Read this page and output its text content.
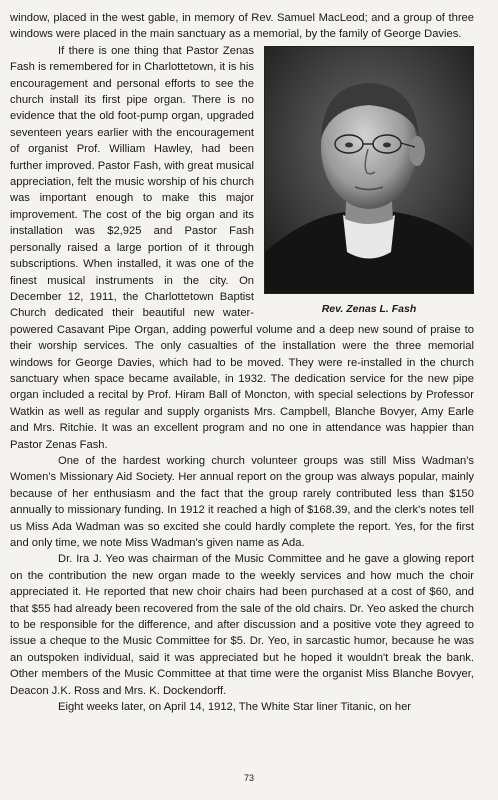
window, placed in the west gable, in memory of Rev. Samuel MacLeod; and a group of three windows were placed in the main sanctuary as a memorial, by the family of George Davies.

Rev. Zenas L. Fash

If there is one thing that Pastor Zenas Fash is remembered for in Charlottetown, it is his encouragement and personal efforts to see the church install its first pipe organ. There is no evidence that the old foot-pump organ, upgraded seventeen years earlier with the encouragement of organist Prof. William Hawley, had been further improved. Pastor Fash, with great musical appreciation, felt the music worship of his church was important enough to make this major improvement. The cost of the big organ and its installation was $2,925 and Pastor Fash personally raised a large portion of it through subscriptions. When installed, it was one of the finest musical instruments in the city. On December 12, 1911, the Charlottetown Baptist Church dedicated their beautiful new water-powered Casavant Pipe Organ, adding powerful volume and a deep new sound of praise to their worship services. The only casualties of the installation were the three memorial windows for George Davies, which had to be moved. They were re-installed in the church sanctuary when space became available, in 1932. The dedication service for the new pipe organ included a recital by Prof. Hiram Ball of Moncton, with special selections by Professor Watkin as well as regular and supply organists Mrs. Campbell, Blanche Bovyer, Amy Earle and Mrs. Ritchie. It was an excellent program and no one in attendance was happier than Pastor Zenas Fash.

One of the hardest working church volunteer groups was still Miss Wadman's Women's Missionary Aid Society. Her annual report on the group was always popular, mainly because of her enthusiasm and the fact that the group rarely contributed less than $150 annually to missionary funding. In 1912 it reached a high of $168.39, and the clerk's notes tell us Miss Ada Wadman was so excited she could hardly complete the report. Yes, for the first and only time, we note Miss Wadman's given name as Ada.

Dr. Ira J. Yeo was chairman of the Music Committee and he gave a glowing report on the contribution the new organ made to the weekly services and how much the choir appreciated it. He reported that new choir chairs had been purchased at a cost of $60, and that $55 had already been recovered from the sale of the old chairs. Dr. Yeo asked the church to be responsible for the difference, and after discussion and a positive vote they agreed to issue a cheque to the Music Committee for $5. Dr. Yeo, in sarcastic humor, because he was an outspoken individual, said it was appreciated but he hoped it wouldn't break the bank. Other members of the Music Committee at that time were the organist Miss Blanche Bovyer, Deacon J.K. Ross and Mrs. K. Dockendorff.

Eight weeks later, on April 14, 1912, The White Star liner Titanic, on her

73
